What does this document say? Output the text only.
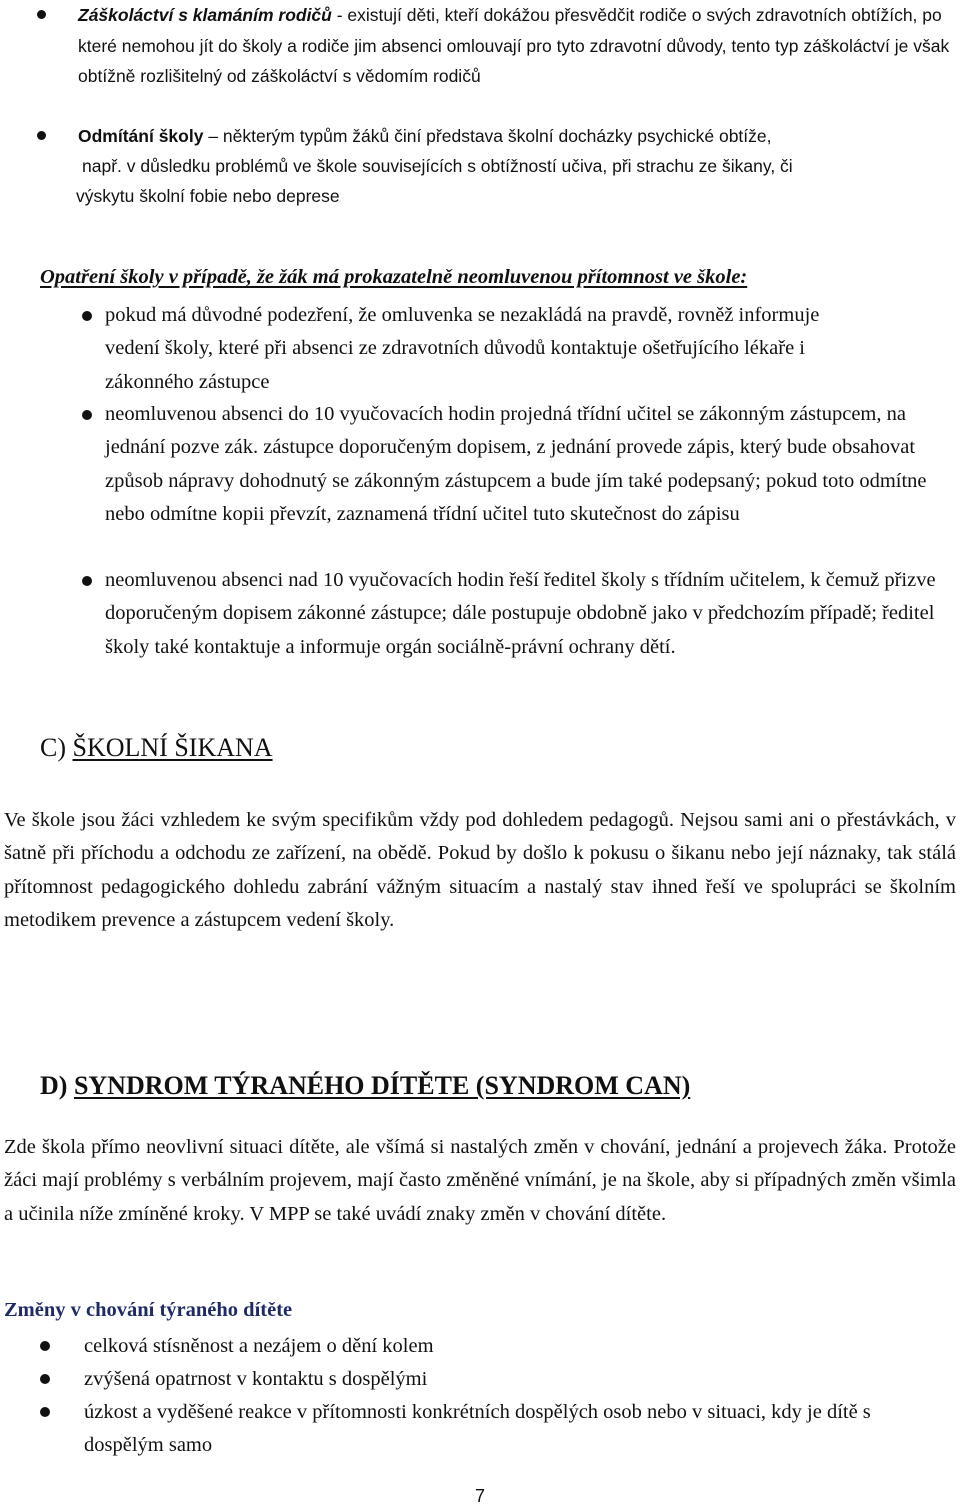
Záškoláctví s klamáním rodičů - existují děti, kteří dokážou přesvědčit rodiče o svých zdravotních obtížích, po které nemohou jít do školy a rodiče jim absenci omlouvají pro tyto zdravotní důvody, tento typ záškoláctví je však obtížně rozlišitelný od záškoláctví s vědomím rodičů
Odmítání školy – některým typům žáků činí představa školní docházky psychické obtíže,
např. v důsledku problémů ve škole souvisejících s obtížností učiva, při strachu ze šikany, či
výskytu školní fobie nebo deprese
Opatření školy v případě, že žák má prokazatelně neomluvenou přítomnost ve škole:
pokud má důvodné podezření, že omluvenka se nezakládá na pravdě, rovněž informuje vedení školy, které při absenci ze zdravotních důvodů kontaktuje ošetřujícího lékaře i zákonného zástupce
neomluvenou absenci do 10 vyučovacích hodin projedná třídní učitel se zákonným zástupcem, na jednání pozve zák. zástupce doporučeným dopisem, z jednání provede zápis, který bude obsahovat způsob nápravy dohodnutý se zákonným zástupcem a bude jím také podepsaný; pokud toto odmítne nebo odmítne kopii převzít, zaznamená třídní učitel tuto skutečnost do zápisu
neomluvenou absenci nad 10 vyučovacích hodin řeší ředitel školy s třídním učitelem, k čemuž přizve doporučeným dopisem zákonné zástupce; dále postupuje obdobně jako v předchozím případě; ředitel školy také kontaktuje a informuje orgán sociálně-právní ochrany dětí.
C) ŠKOLNÍ ŠIKANA
Ve škole jsou žáci vzhledem ke svým specifikům vždy pod dohledem pedagogů. Nejsou sami ani o přestávkách, v šatně při příchodu a odchodu ze zařízení, na obědě. Pokud by došlo k pokusu o šikanu nebo její náznaky, tak stálá přítomnost pedagogického dohledu zabrání vážným situacím a nastalý stav ihned řeší ve spolupráci se školním metodikem prevence a zástupcem vedení školy.
D) SYNDROM TÝRANÉHO DÍTĚTE (SYNDROM CAN)
Zde škola přímo neovlivní situaci dítěte, ale všímá si nastalých změn v chování, jednání a projevech žáka. Protože žáci mají problémy s verbálním projevem, mají často změněné vnímání, je na škole, aby si případných změn všimla a učinila níže zmíněné kroky. V MPP se také uvádí znaky změn v chování dítěte.
Změny v chování týraného dítěte
celková stísněnost a nezájem o dění kolem
zvýšená opatrnost v kontaktu s dospělými
úzkost a vyděšené reakce v přítomnosti konkrétních dospělých osob nebo v situaci, kdy je dítě s dospělým samo
7
